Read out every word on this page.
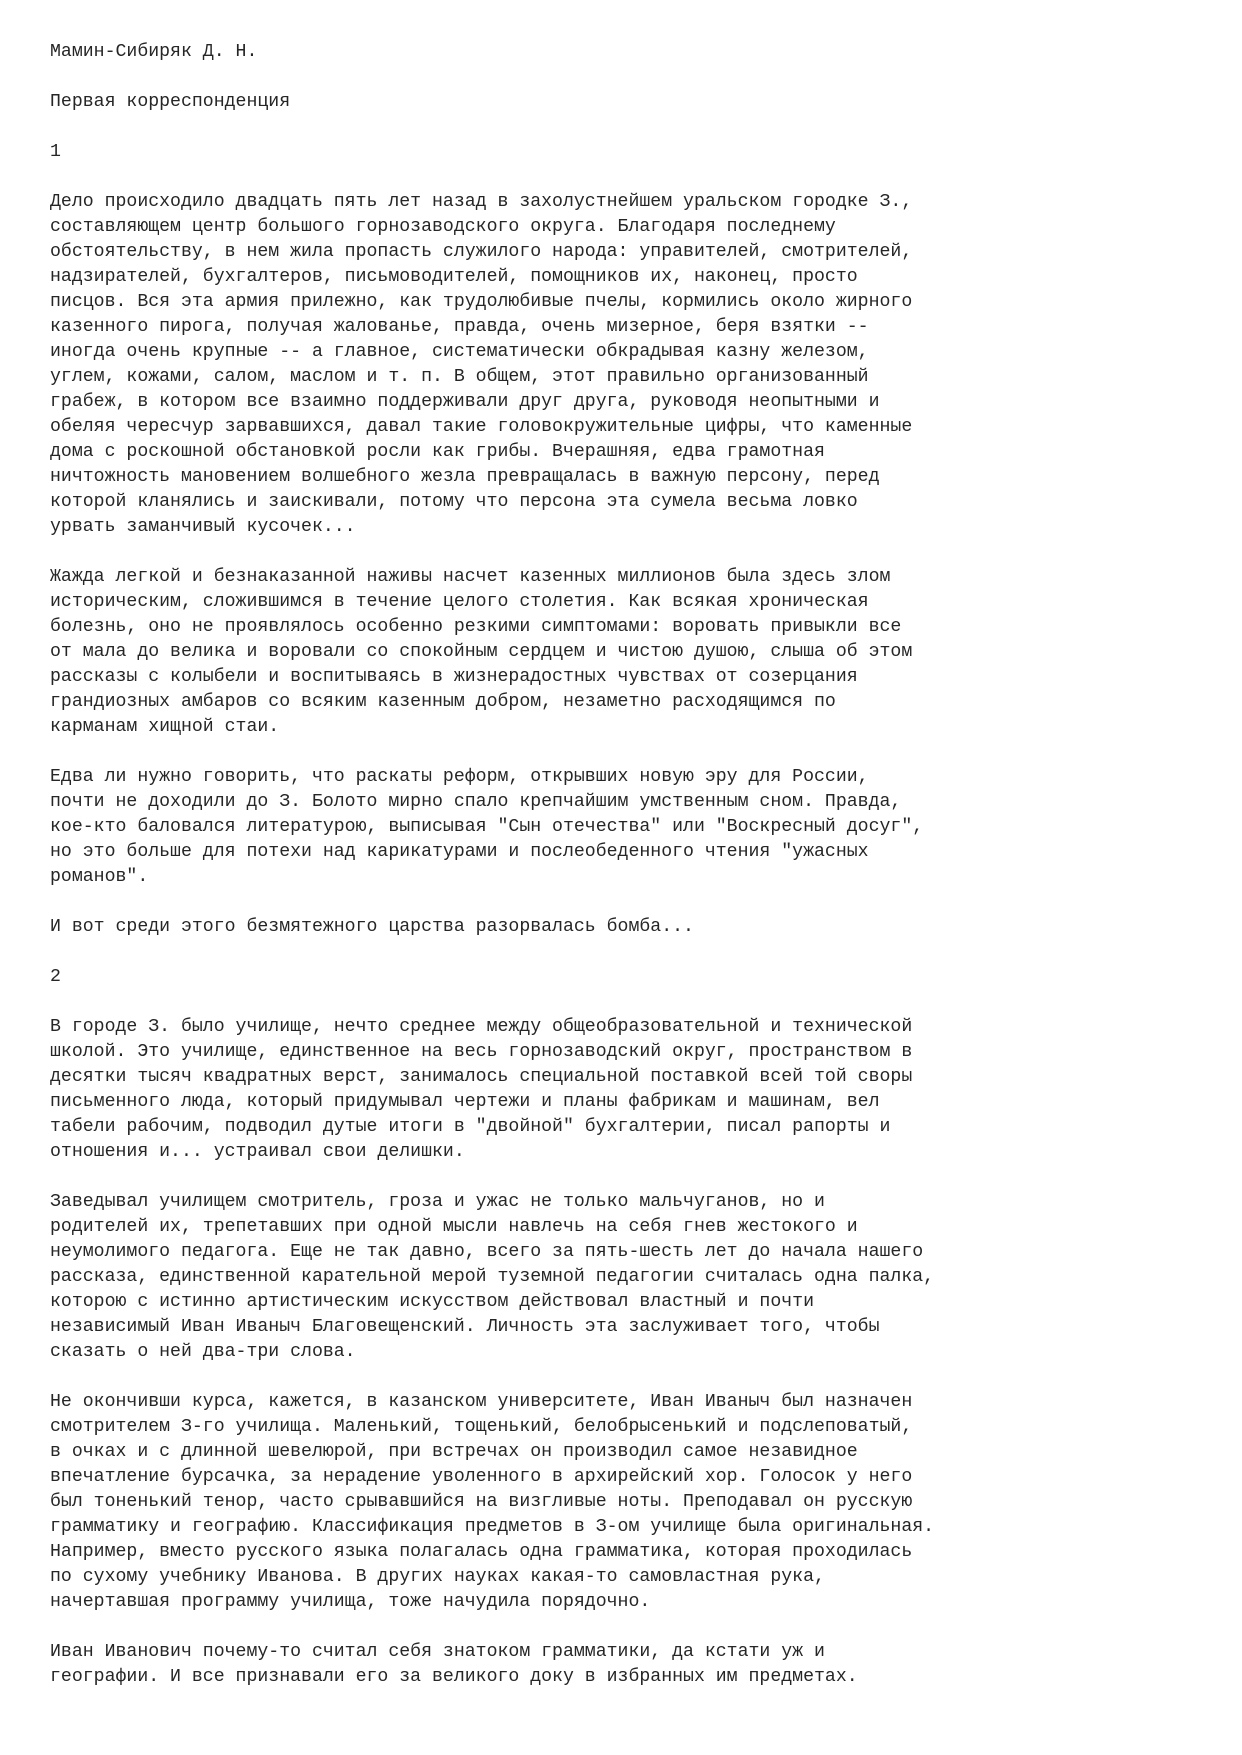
Мамин-Сибиряк Д. Н.
Первая корреспонденция
1
Дело происходило двадцать пять лет назад в захолустнейшем уральском городке З.,
составляющем центр большого горнозаводского округа. Благодаря последнему
обстоятельству, в нем жила пропасть служилого народа: управителей, смотрителей,
надзирателей, бухгалтеров, письмоводителей, помощников их, наконец, просто
писцов. Вся эта армия прилежно, как трудолюбивые пчелы, кормились около жирного
казенного пирога, получая жалованье, правда, очень мизерное, беря взятки --
иногда очень крупные -- а главное, систематически обкрадывая казну железом,
углем, кожами, салом, маслом и т. п. В общем, этот правильно организованный
грабеж, в котором все взаимно поддерживали друг друга, руководя неопытными и
обеляя чересчур зарвавшихся, давал такие головокружительные цифры, что каменные
дома с роскошной обстановкой росли как грибы. Вчерашняя, едва грамотная
ничтожность мановением волшебного жезла превращалась в важную персону, перед
которой кланялись и заискивали, потому что персона эта сумела весьма ловко
урвать заманчивый кусочек...
Жажда легкой и безнаказанной наживы насчет казенных миллионов была здесь злом
историческим, сложившимся в течение целого столетия. Как всякая хроническая
болезнь, оно не проявлялось особенно резкими симптомами: воровать привыкли все
от мала до велика и воровали со спокойным сердцем и чистою душою, слыша об этом
рассказы с колыбели и воспитываясь в жизнерадостных чувствах от созерцания
грандиозных амбаров со всяким казенным добром, незаметно расходящимся по
карманам хищной стаи.
Едва ли нужно говорить, что раскаты реформ, открывших новую эру для России,
почти не доходили до З. Болото мирно спало крепчайшим умственным сном. Правда,
кое-кто баловался литературою, выписывая "Сын отечества" или "Воскресный досуг",
но это больше для потехи над карикатурами и послеобеденного чтения "ужасных
романов".
И вот среди этого безмятежного царства разорвалась бомба...
2
В городе З. было училище, нечто среднее между общеобразовательной и технической
школой. Это училище, единственное на весь горнозаводский округ, пространством в
десятки тысяч квадратных верст, занималось специальной поставкой всей той своры
письменного люда, который придумывал чертежи и планы фабрикам и машинам, вел
табели рабочим, подводил дутые итоги в "двойной" бухгалтерии, писал рапорты и
отношения и... устраивал свои делишки.
Заведывал училищем смотритель, гроза и ужас не только мальчуганов, но и
родителей их, трепетавших при одной мысли навлечь на себя гнев жестокого и
неумолимого педагога. Еще не так давно, всего за пять-шесть лет до начала нашего
рассказа, единственной карательной мерой туземной педагогии считалась одна палка,
которою с истинно артистическим искусством действовал властный и почти
независимый Иван Иваныч Благовещенский. Личность эта заслуживает того, чтобы
сказать о ней два-три слова.
Не окончивши курса, кажется, в казанском университете, Иван Иваныч был назначен
смотрителем З-го училища. Маленький, тощенький, белобрысенький и подслеповатый,
в очках и с длинной шевелюрой, при встречах он производил самое незавидное
впечатление бурсачка, за нерадение уволенного в архирейский хор. Голосок у него
был тоненький тенор, часто срывавшийся на визгливые ноты. Преподавал он русскую
грамматику и географию. Классификация предметов в З-ом училище была оригинальная.
Например, вместо русского языка полагалась одна грамматика, которая проходилась
по сухому учебнику Иванова. В других науках какая-то самовластная рука,
начертавшая программу училища, тоже начудила порядочно.
Иван Иванович почему-то считал себя знатоком грамматики, да кстати уж и
географии. И все признавали его за великого доку в избранных им предметах.
